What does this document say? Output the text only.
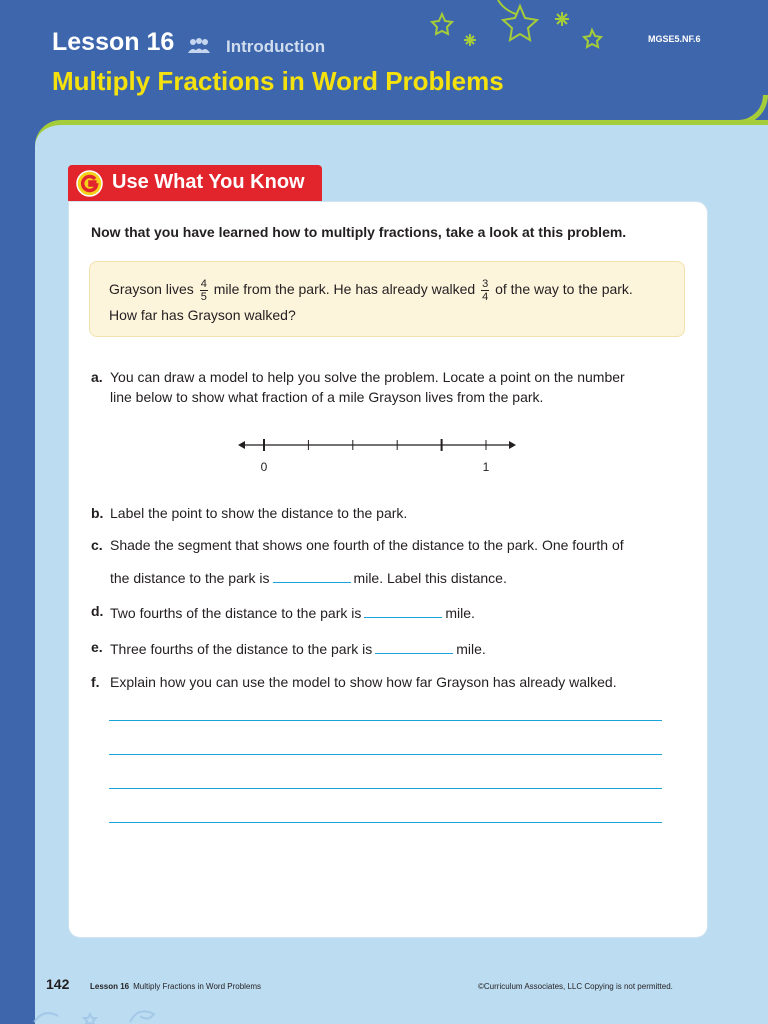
Lesson 16	Introduction
Multiply Fractions in Word Problems
MGSE5.NF.6
Use What You Know
Now that you have learned how to multiply fractions, take a look at this problem.
Grayson lives $\frac{4}{5}$ mile from the park. He has already walked $\frac{3}{4}$ of the way to the park.
How far has Grayson walked?
a. You can draw a model to help you solve the problem. Locate a point on the number
line below to show what fraction of a mile Grayson lives from the park.
0	1
b. Label the point to show the distance to the park.
c. Shade the segment that shows one fourth of the distance to the park. One fourth of
the distance to the park is	mile. Label this distance.
d. Two fourths of the distance to the park is	mile.
e. Three fourths of the distance to the park is	mile.
f. Explain how you can use the model to show how far Grayson has already walked.
142	Lesson 16 Multiply Fractions in Word Problems	©Curriculum Associates, LLC Copying is not permitted.
